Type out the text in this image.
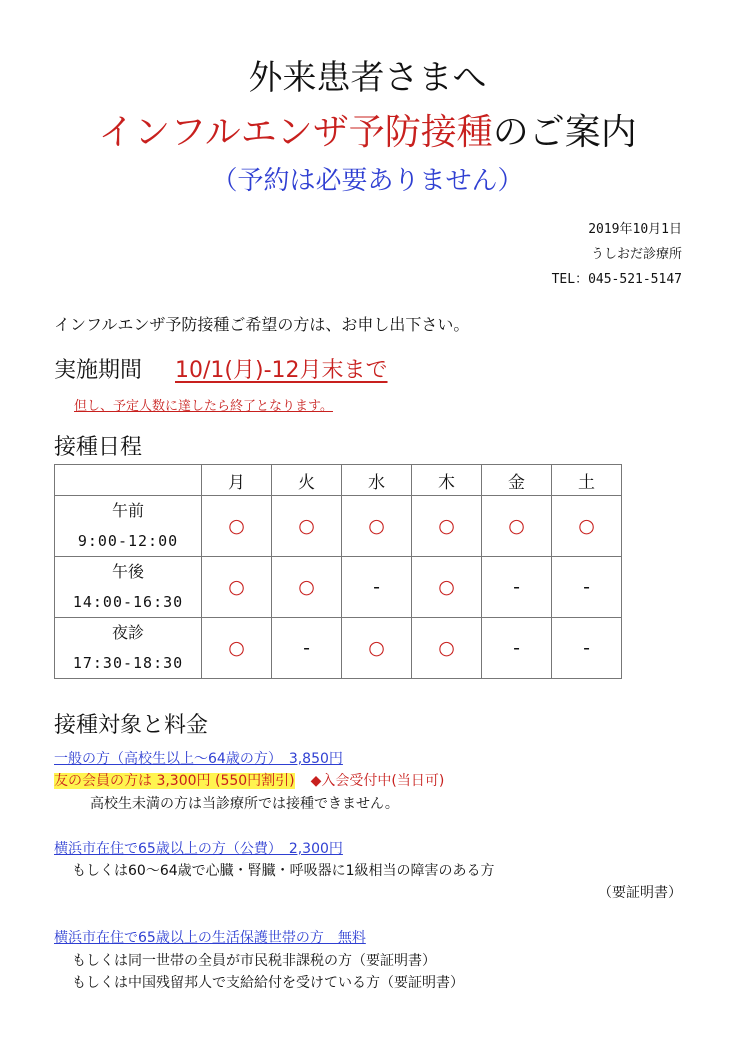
外来患者さまへ
インフルエンザ予防接種のご案内
（予約は必要ありません）
2019年10月1日
うしおだ診療所
TEL：045-521-5147
インフルエンザ予防接種ご希望の方は、お申し出下さい。
実施期間 10/1(月)-12月末まで
但し、予定人数に達したら終了となります。
接種日程
	月	火	水	木	金	土

午前
9:00-12:00	○	○	○	○	○	○

午後
14:00-16:30	○	○	-	○	-	-

夜診
17:30-18:30	○	-	○	○	-	-
接種対象と料金
一般の方（高校生以上～64歳の方）　3,850円
友の会員の方は 3,300円 (550円割引) ◆入会受付中(当日可)
高校生未満の方は当診療所では接種できません。
横浜市在住で65歳以上の方（公費）　2,300円
もしくは60～64歳で心臓・腎臓・呼吸器に1級相当の障害のある方
（要証明書）
横浜市在住で65歳以上の生活保護世帯の方　無料
もしくは同一世帯の全員が市民税非課税の方（要証明書）
もしくは中国残留邦人で支給給付を受けている方（要証明書）
